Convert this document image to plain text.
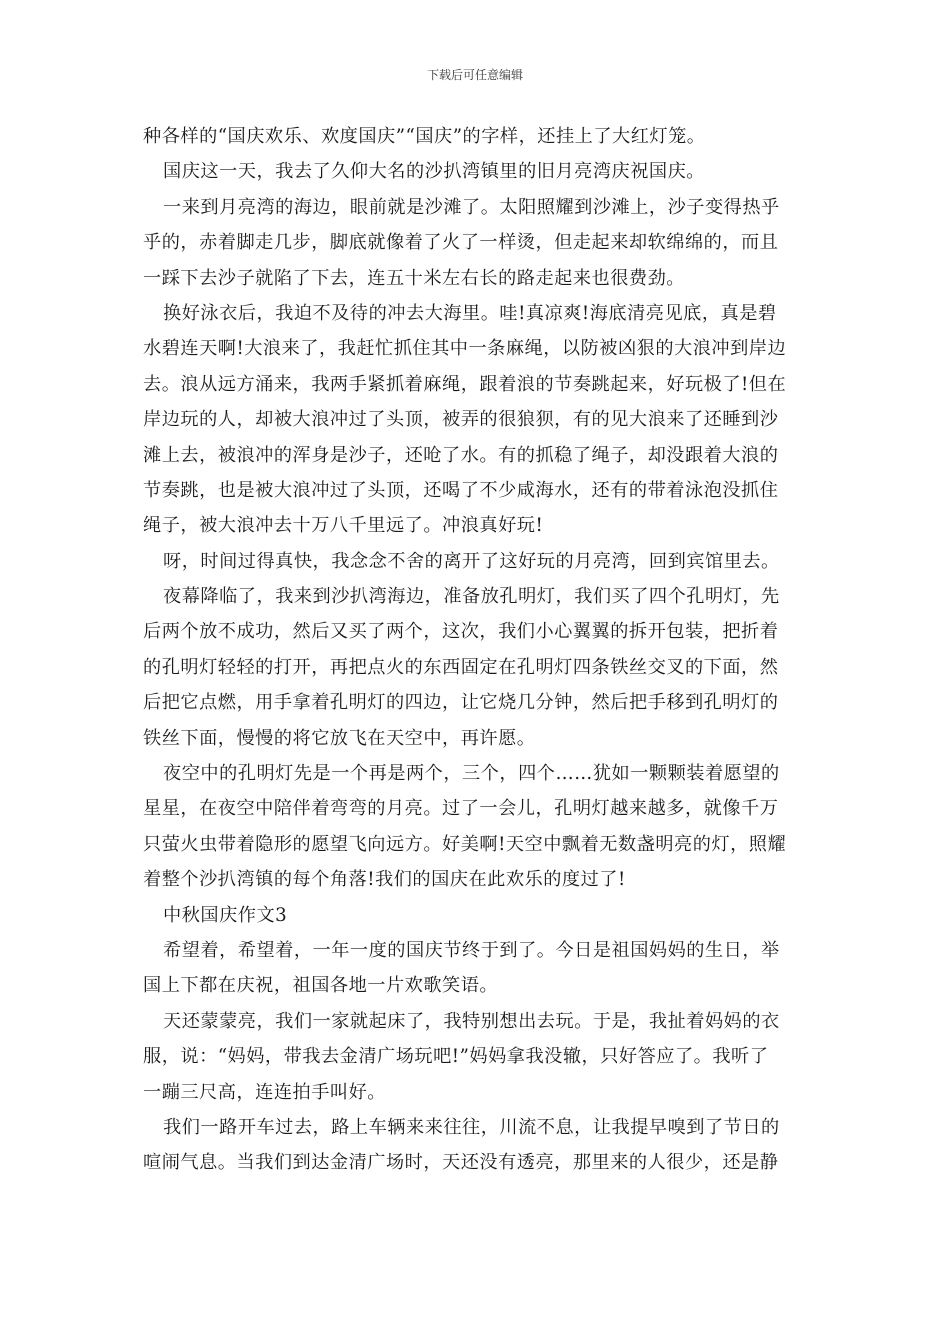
下载后可任意编辑
种各样的“国庆欢乐、欢度国庆”“国庆”的字样，还挂上了大红灯笼。
国庆这一天，我去了久仰大名的沙扒湾镇里的旧月亮湾庆祝国庆。
一来到月亮湾的海边，眼前就是沙滩了。太阳照耀到沙滩上，沙子变得热乎
乎的，赤着脚走几步，脚底就像着了火了一样烫，但走起来却软绵绵的，而且
一踩下去沙子就陷了下去，连五十米左右长的路走起来也很费劲。
换好泳衣后，我迫不及待的冲去大海里。哇!真凉爽!海底清亮见底，真是碧
水碧连天啊!大浪来了，我赶忙抓住其中一条麻绳，以防被凶狠的大浪冲到岸边
去。浪从远方涌来，我两手紧抓着麻绳，跟着浪的节奏跳起来，好玩极了!但在
岸边玩的人，却被大浪冲过了头顶，被弄的很狼狈，有的见大浪来了还睡到沙
滩上去，被浪冲的浑身是沙子，还呛了水。有的抓稳了绳子，却没跟着大浪的
节奏跳，也是被大浪冲过了头顶，还喝了不少咸海水，还有的带着泳泡没抓住
绳子，被大浪冲去十万八千里远了。冲浪真好玩!
呀，时间过得真快，我念念不舍的离开了这好玩的月亮湾，回到宾馆里去。
夜幕降临了，我来到沙扒湾海边，准备放孔明灯，我们买了四个孔明灯，先
后两个放不成功，然后又买了两个，这次，我们小心翼翼的拆开包装，把折着
的孔明灯轻轻的打开，再把点火的东西固定在孔明灯四条铁丝交叉的下面，然
后把它点燃，用手拿着孔明灯的四边，让它烧几分钟，然后把手移到孔明灯的
铁丝下面，慢慢的将它放飞在天空中，再许愿。
夜空中的孔明灯先是一个再是两个，三个，四个……犹如一颗颗装着愿望的
星星，在夜空中陪伴着弯弯的月亮。过了一会儿，孔明灯越来越多，就像千万
只萤火虫带着隐形的愿望飞向远方。好美啊!天空中飘着无数盏明亮的灯，照耀
着整个沙扒湾镇的每个角落!我们的国庆在此欢乐的度过了!
中秋国庆作文3
希望着，希望着，一年一度的国庆节终于到了。今日是祖国妈妈的生日，举
国上下都在庆祝，祖国各地一片欢歌笑语。
天还蒙蒙亮，我们一家就起床了，我特别想出去玩。于是，我扯着妈妈的衣
服，说：“妈妈，带我去金清广场玩吧!”妈妈拿我没辙，只好答应了。我听了
一蹦三尺高，连连拍手叫好。
我们一路开车过去，路上车辆来来往往，川流不息，让我提早嗅到了节日的
喧闹气息。当我们到达金清广场时，天还没有透亮，那里来的人很少，还是静
